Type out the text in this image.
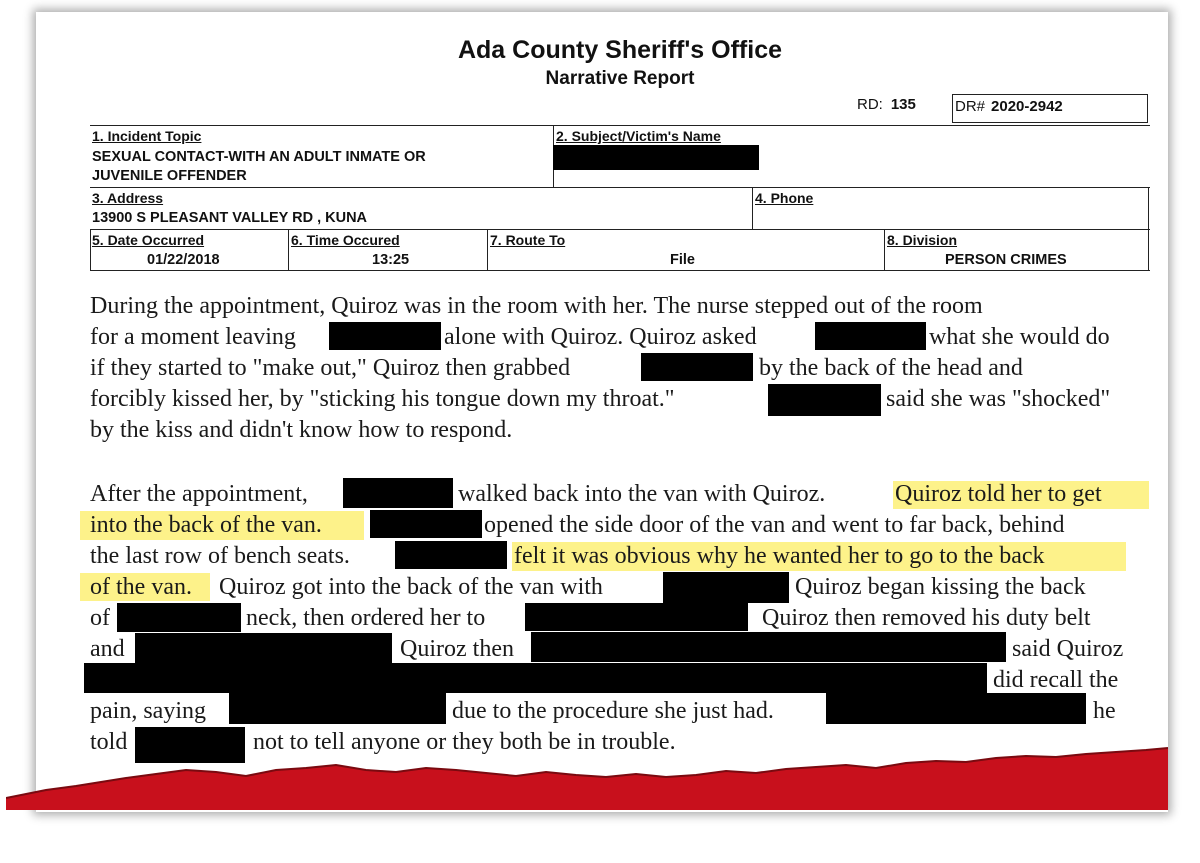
Ada County Sheriff's Office
Narrative Report
RD: 135	DR# 2020-2942
1. Incident Topic
SEXUAL CONTACT-WITH AN ADULT INMATE OR
JUVENILE OFFENDER
2. Subject/Victim's Name
3. Address
13900 S PLEASANT VALLEY RD , KUNA
4. Phone
5. Date Occurred
01/22/2018
6. Time Occured
13:25
7. Route To
File
8. Division
PERSON CRIMES
During the appointment, Quiroz was in the room with her. The nurse stepped out of the room
for a moment leaving	alone with Quiroz. Quiroz asked	what she would do
if they started to "make out," Quiroz then grabbed	by the back of the head and
forcibly kissed her, by "sticking his tongue down my throat."	said she was "shocked"
by the kiss and didn't know how to respond.
After the appointment,	walked back into the van with Quiroz.	Quiroz told her to get
into the back of the van.	opened the side door of the van and went to far back, behind
the last row of bench seats.	felt it was obvious why he wanted her to go to the back
of the van. Quiroz got into the back of the van with	Quiroz began kissing the back
of	neck, then ordered her to	Quiroz then removed his duty belt
and	Quiroz then	said Quiroz
did recall the
pain, saying	due to the procedure she just had.	he
told	not to tell anyone or they both be in trouble.
